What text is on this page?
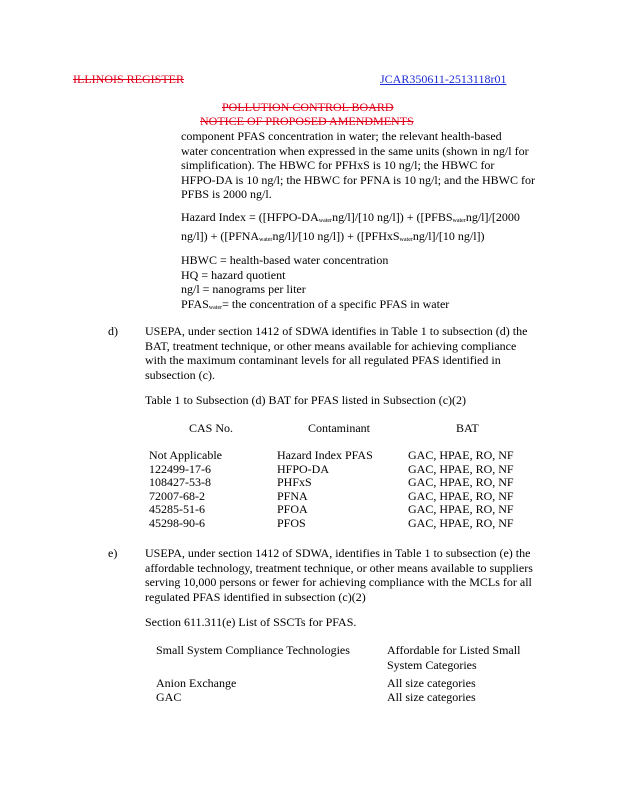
ILLINOIS REGISTER	JCAR350611-2513118r01
POLLUTION CONTROL BOARD
NOTICE OF PROPOSED AMENDMENTS
component PFAS concentration in water; the relevant health-based
water concentration when expressed in the same units (shown in ng/l for
simplification). The HBWC for PFHxS is 10 ng/l; the HBWC for
HFPO-DA is 10 ng/l; the HBWC for PFNA is 10 ng/l; and the HBWC for
PFBS is 2000 ng/l.
Hazard Index = ($[HFPO-DA_{water}ng/l]/[10$ $ng/l]) + ([PFBS_{water}ng/l]/[2000$
$ng/l]) + ([PFNA_{water}ng/l]/[10$ ng/l]) + ([PFHxS$_{water}$ng/l]/[10 ng/l])
HBWC = health-based water concentration
HQ = hazard quotient
ng/l = nanograms per liter
$PFAS_{water}=$ the concentration of a specific PFAS in water
d) USEPA, under section 1412 of SDWA identifies in Table 1 to subsection (d) the
BAT, treatment technique, or other means available for achieving compliance
with the maximum contaminant levels for all regulated PFAS identified in
subsection (c).
Table 1 to Subsection (d) BAT for PFAS listed in Subsection (c)(2)
CAS No.	Contaminant	BAT
Not Applicable	Hazard Index PFAS	GAC, HPAE, RO, NF
122499-17-6	HFPO-DA	GAC, HPAE, RO, NF
108427-53-8	PHFxS	GAC, HPAE, RO, NF
72007-68-2	PFNA	GAC, HPAE, RO, NF
45285-51-6	PFOA	GAC, HPAE, RO, NF
45298-90-6	PFOS	GAC, HPAE, RO, NF
e) USEPA, under section 1412 of SDWA, identifies in Table 1 to subsection (e) the
affordable technology, treatment technique, or other means available to suppliers
serving 10,000 persons or fewer for achieving compliance with the MCLs for all
regulated PFAS identified in subsection (c)(2)
Section 611.311(e) List of SSCTs for PFAS.
Small System Compliance Technologies	Affordable for Listed Small
System Categories
Anion Exchange	All size categories
GAC	All size categories
